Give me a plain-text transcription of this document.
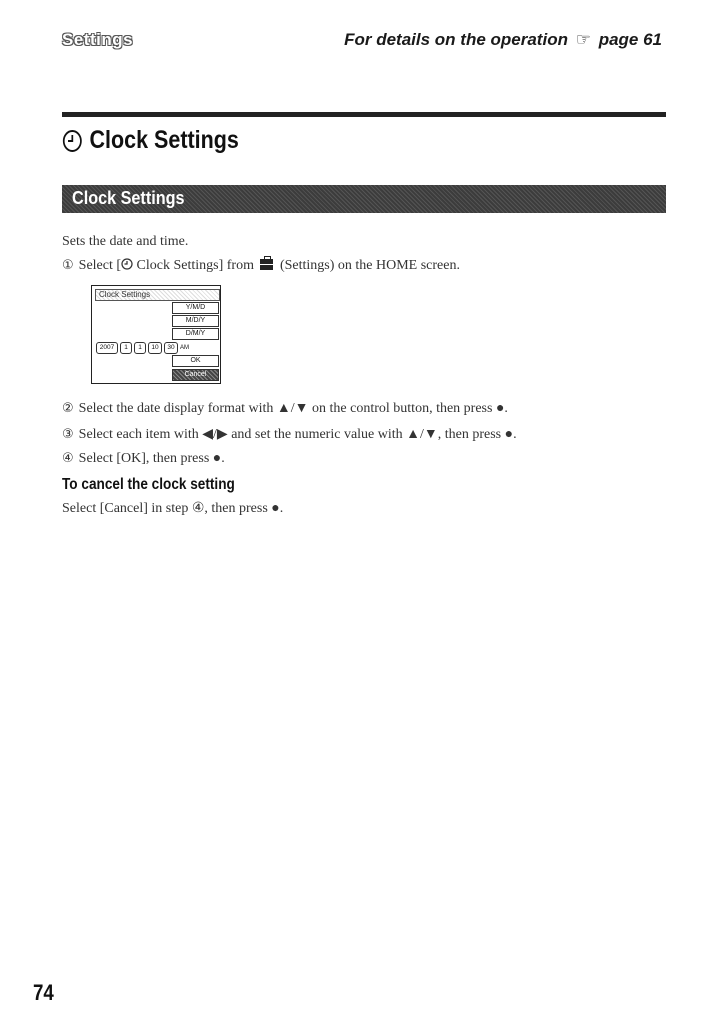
Settings	For details on the operation ☞ page 61
Clock Settings
Clock Settings
Sets the date and time.
① Select [ Clock Settings] from  (Settings) on the HOME screen.
Clock Settings
Y/M/D
M/D/Y
D/M/Y
2007	1	1	10	30 AM
OK
Cancel
② Select the date display format with ▲/▼ on the control button, then press ●.
③ Select each item with ◀/▶ and set the numeric value with ▲/▼, then press ●.
④ Select [OK], then press ●.
To cancel the clock setting
Select [Cancel] in step ④, then press ●.
74
